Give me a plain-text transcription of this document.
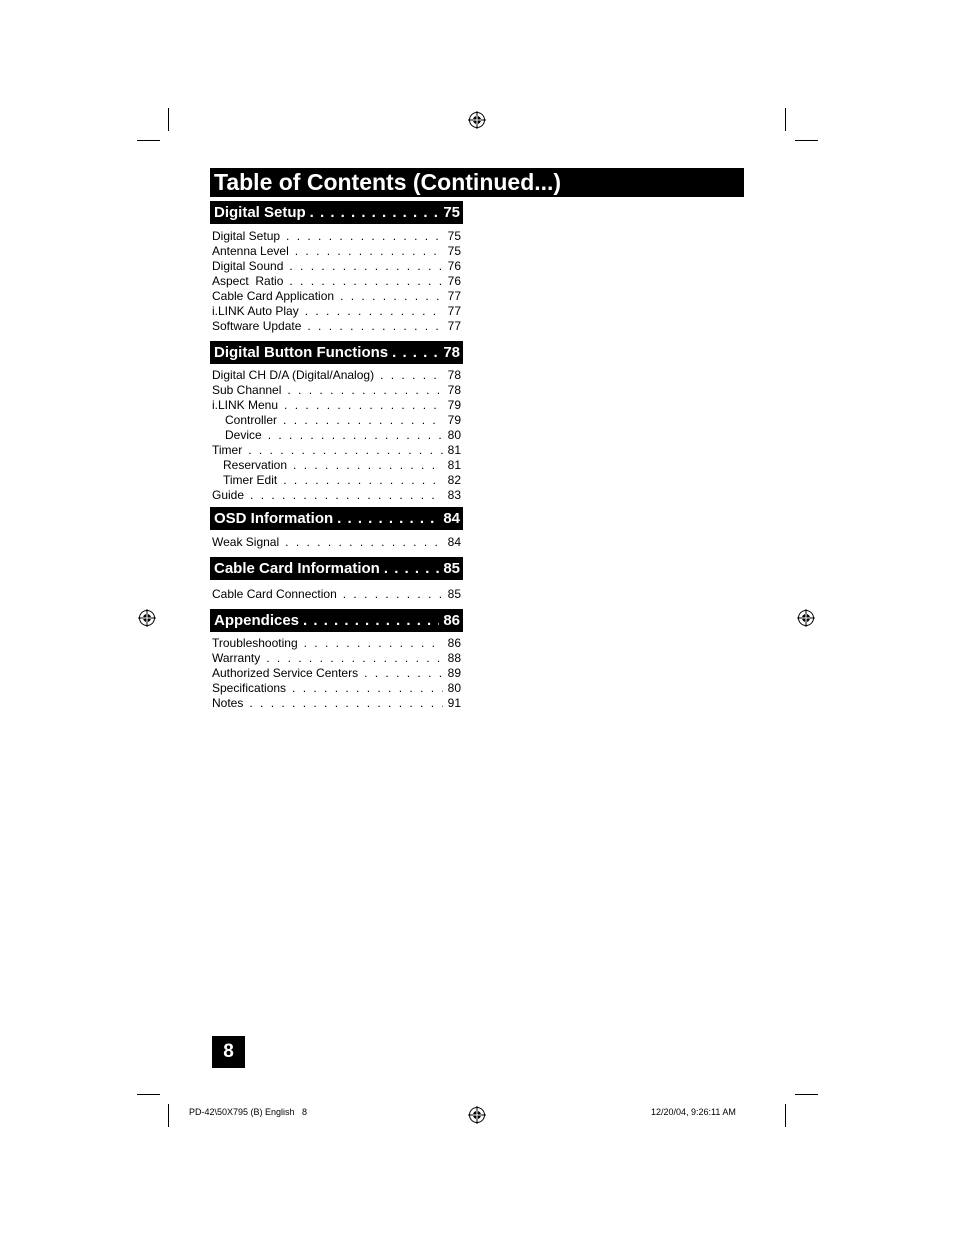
Table of Contents (Continued...)
Digital Setup . . .	75
Digital Setup . . .	75
Antenna Level . . .	75
Digital Sound . . .	76
Aspect  Ratio . . .	76
Cable Card Application . . .	77
i.LINK Auto Play . . .	77
Software Update . . .	77
Digital Button Functions . . .	78
Digital CH D/A (Digital/Analog) . . .	78
Sub Channel . . .	78
i.LINK Menu . . .	79
Controller . . .	79
Device . . .	80
Timer . . .	81
Reservation . . .	81
Timer Edit . . .	82
Guide . . .	83
OSD Information . . .	84
Weak Signal . . .	84
Cable Card Information . . .	85
Cable Card Connection . . .	85
Appendices . . .	86
Troubleshooting . . .	86
Warranty . . .	88
Authorized Service Centers . . .	89
Specifications . . .	80
Notes . . .	91
8
PD-42\50X795 (B) English   8	12/20/04, 9:26:11 AM
